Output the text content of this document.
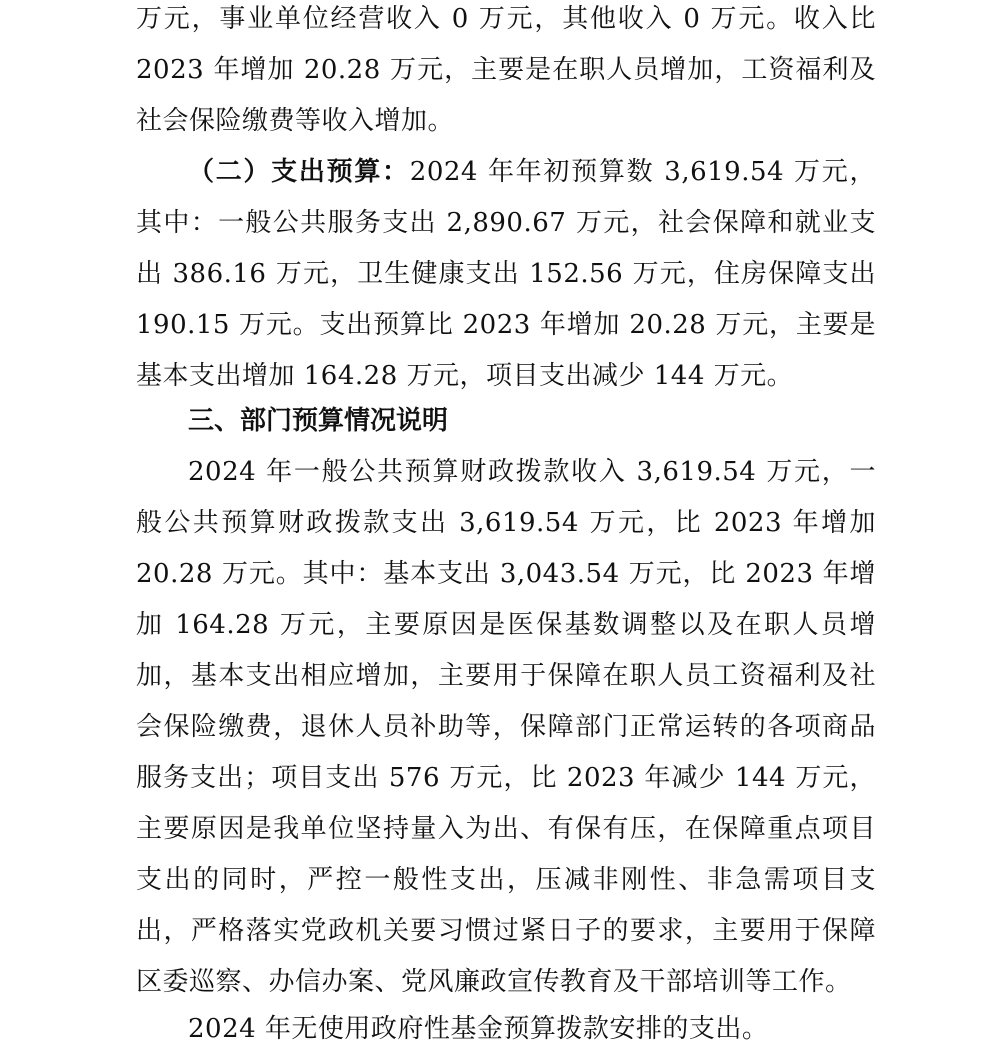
万元，事业单位经营收入 0 万元，其他收入 0 万元。收入比 2023 年增加 20.28 万元，主要是在职人员增加，工资福利及社会保险缴费等收入增加。

（二）支出预算：2024 年年初预算数 3,619.54 万元，其中：一般公共服务支出 2,890.67 万元，社会保障和就业支出 386.16 万元，卫生健康支出 152.56 万元，住房保障支出 190.15 万元。支出预算比 2023 年增加 20.28 万元，主要是基本支出增加 164.28 万元，项目支出减少 144 万元。

三、部门预算情况说明

2024 年一般公共预算财政拨款收入 3,619.54 万元，一般公共预算财政拨款支出 3,619.54 万元，比 2023 年增加 20.28 万元。其中：基本支出 3,043.54 万元，比 2023 年增加 164.28 万元，主要原因是医保基数调整以及在职人员增加，基本支出相应增加，主要用于保障在职人员工资福利及社会保险缴费，退休人员补助等，保障部门正常运转的各项商品服务支出；项目支出 576 万元，比 2023 年减少 144 万元，主要原因是我单位坚持量入为出、有保有压，在保障重点项目支出的同时，严控一般性支出，压减非刚性、非急需项目支出，严格落实党政机关要习惯过紧日子的要求，主要用于保障区委巡察、办信办案、党风廉政宣传教育及干部培训等工作。

2024 年无使用政府性基金预算拨款安排的支出。
